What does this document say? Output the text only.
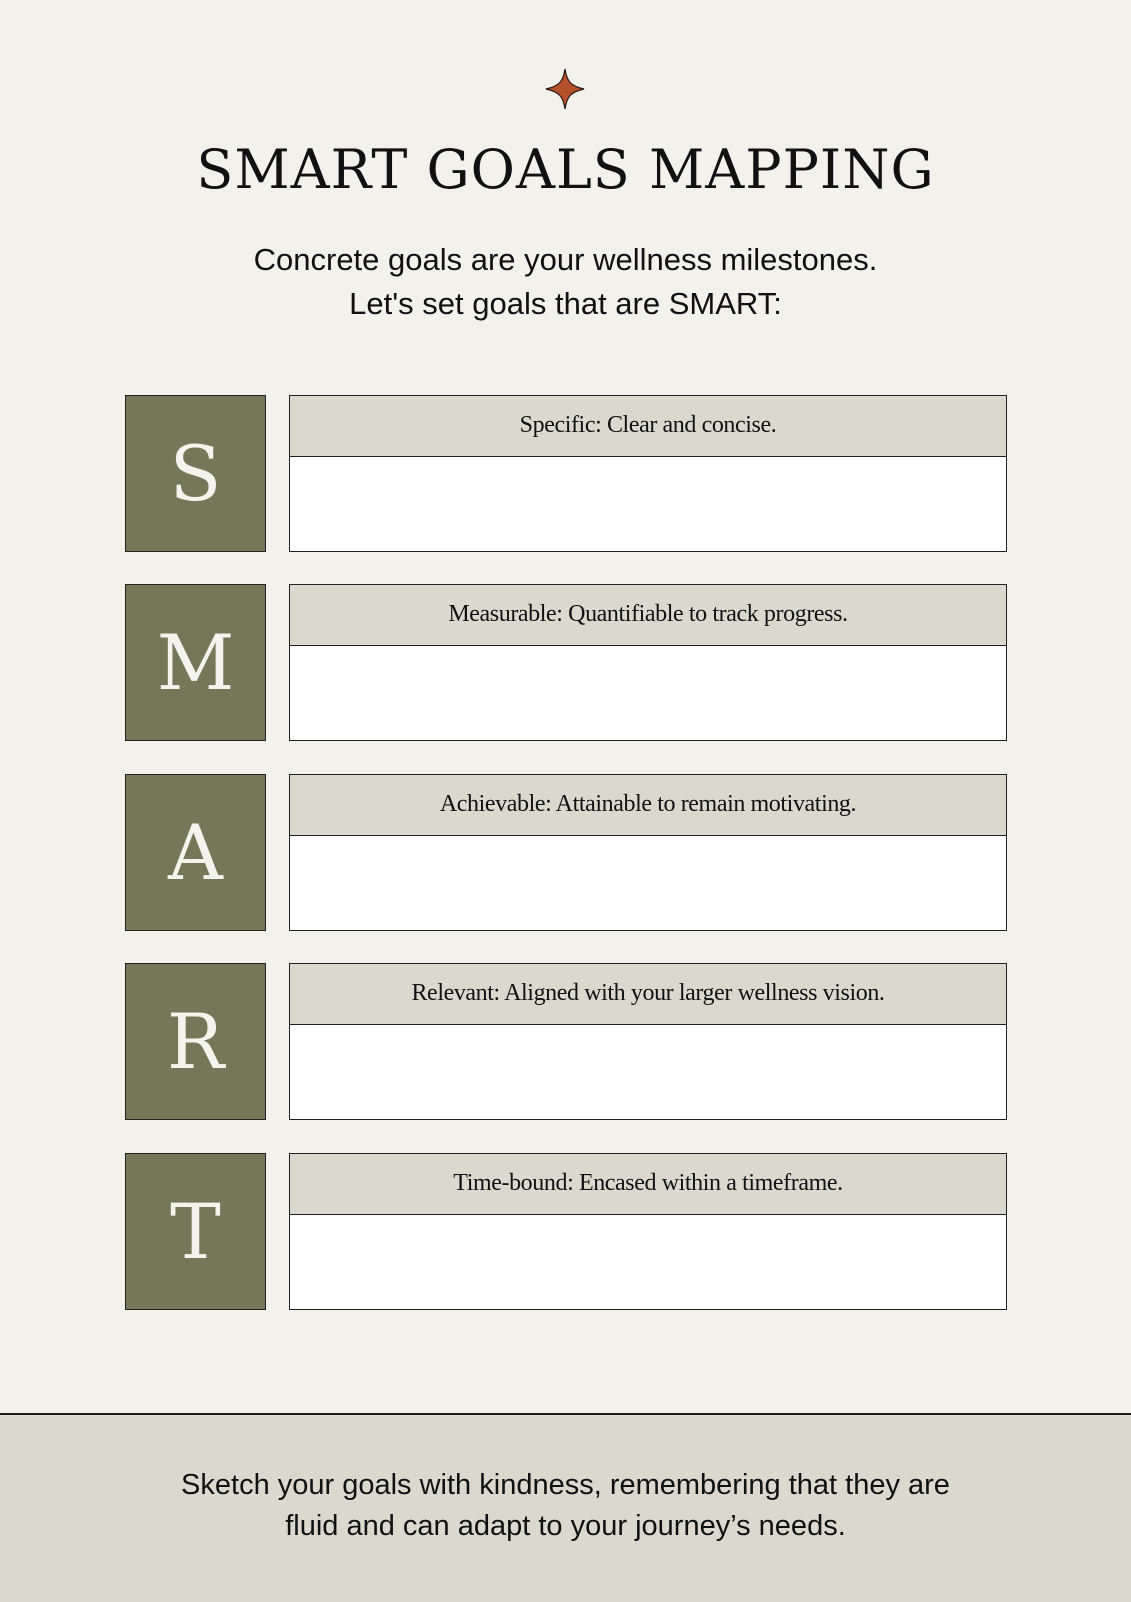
SMART GOALS MAPPING
Concrete goals are your wellness milestones.
Let's set goals that are SMART:
S
Specific: Clear and concise.
M
Measurable: Quantifiable to track progress.
A
Achievable: Attainable to remain motivating.
R
Relevant: Aligned with your larger wellness vision.
T
Time-bound: Encased within a timeframe.
Sketch your goals with kindness, remembering that they are
fluid and can adapt to your journey’s needs.
